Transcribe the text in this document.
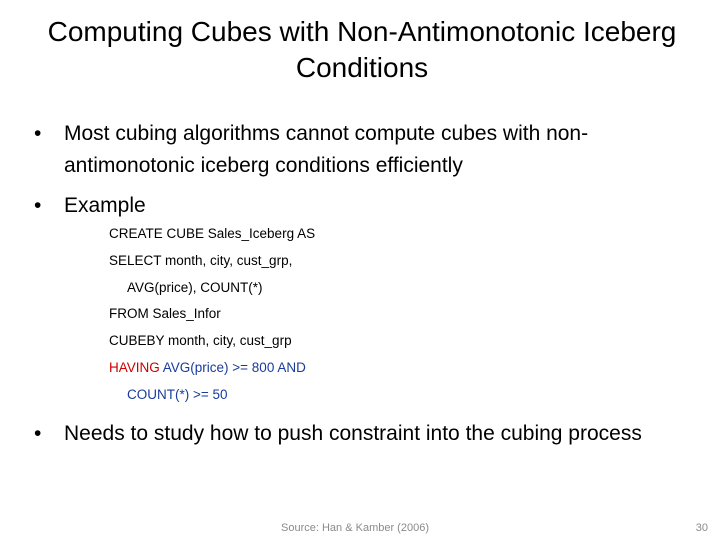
Computing Cubes with Non-Antimonotonic Iceberg Conditions
•	Most cubing algorithms cannot compute cubes with non-antimonotonic iceberg conditions efficiently
•	Example
CREATE CUBE Sales_Iceberg AS
SELECT month, city, cust_grp,
AVG(price), COUNT(*)
FROM Sales_Infor
CUBEBY month, city, cust_grp
HAVING AVG(price) >= 800 AND
COUNT(*) >= 50
•	Needs to study how to push constraint into the cubing process
Source: Han & Kamber (2006)	30
